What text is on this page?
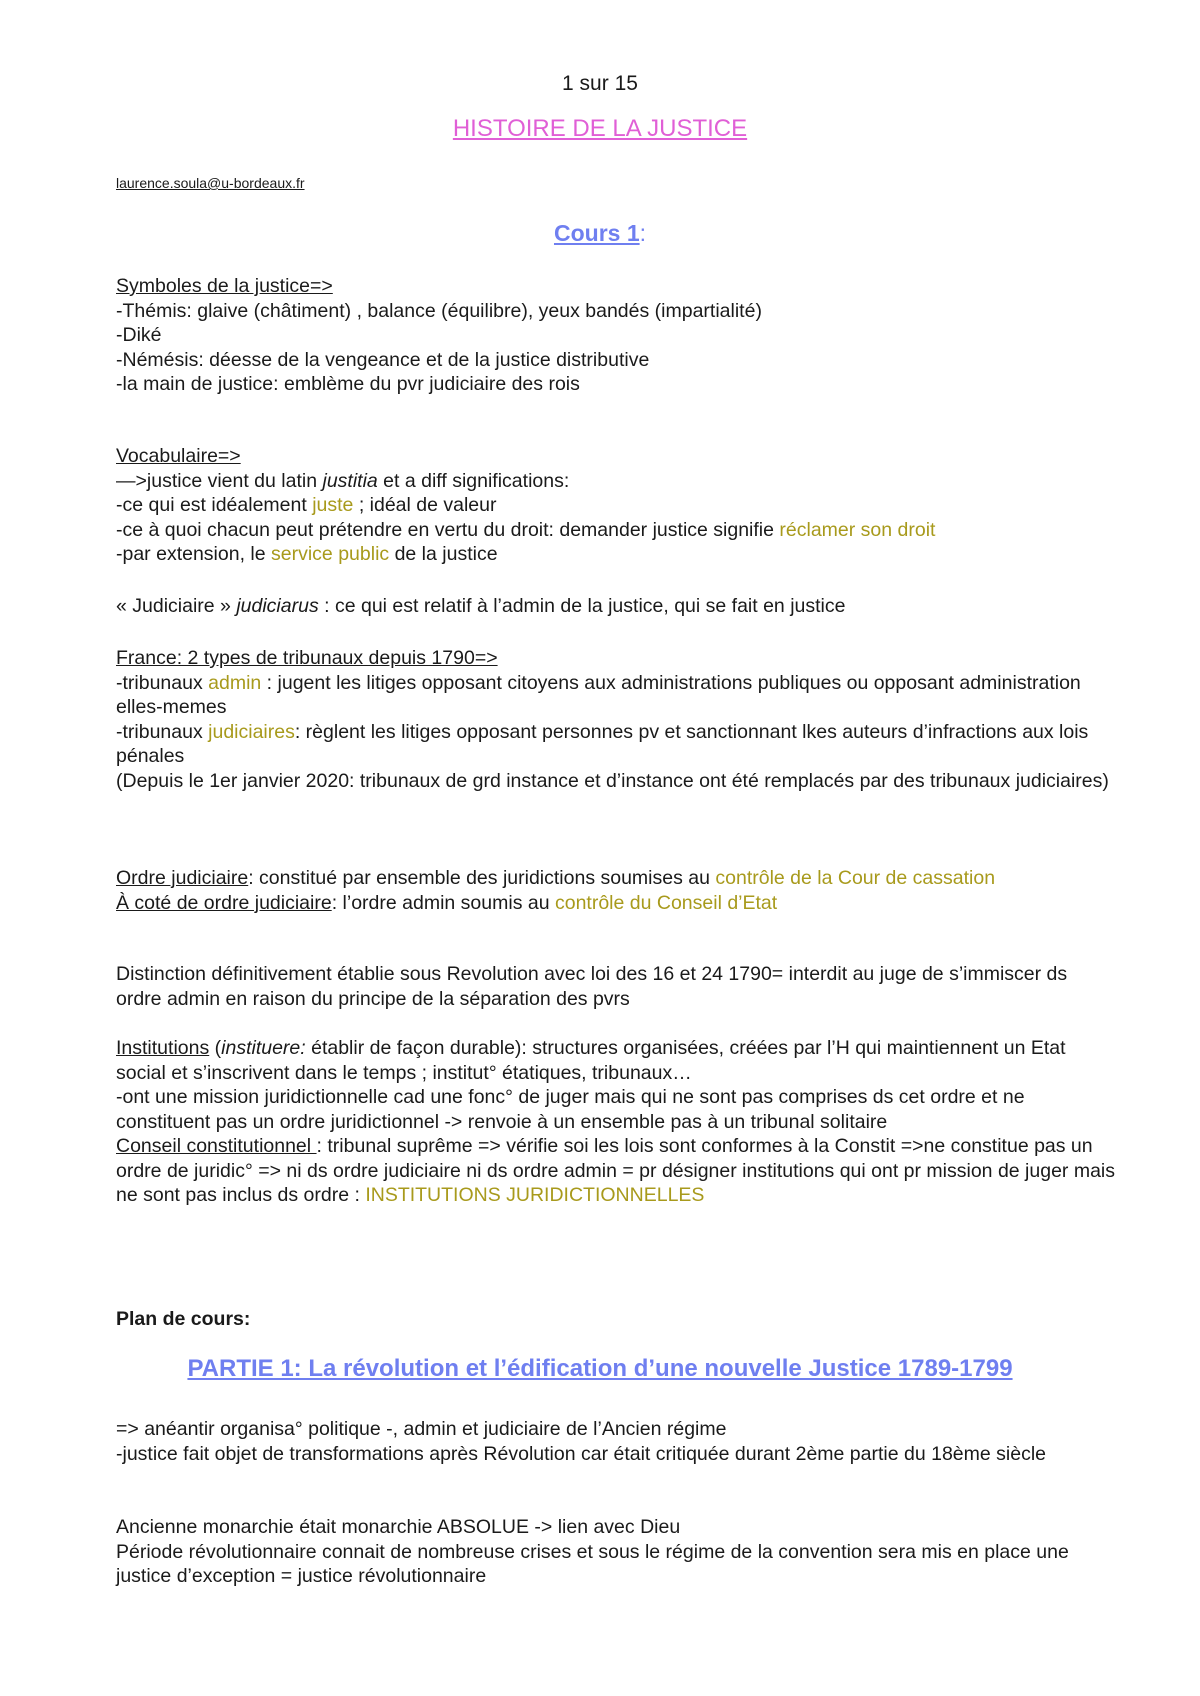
1 sur 15
HISTOIRE DE LA JUSTICE
laurence.soula@u-bordeaux.fr
Cours 1:

Symboles de la justice=>

-Thémis: glaive (châtiment) , balance (équilibre), yeux bandés (impartialité)

-Diké

-Némésis: déesse de la vengeance et de la justice distributive

-la main de justice: emblème du pvr judiciaire des rois

Vocabulaire=>

—>justice vient du latin justitia et a diff significations:

-ce qui est idéalement juste ; idéal de valeur

-ce à quoi chacun peut prétendre en vertu du droit: demander justice signifie réclamer son droit

-par extension, le service public de la justice

« Judiciaire » judiciarus : ce qui est relatif à l’admin de la justice, qui se fait en justice

France: 2 types de tribunaux depuis 1790=>

-tribunaux admin : jugent les litiges opposant citoyens aux administrations publiques ou opposant administration elles-memes

-tribunaux judiciaires: règlent les litiges opposant personnes pv et sanctionnant lkes auteurs d’infractions aux lois pénales

(Depuis le 1er janvier 2020: tribunaux de grd instance et d’instance ont été remplacés par des tribunaux judiciaires)

Ordre judiciaire: constitué par ensemble des juridictions soumises au contrôle de la Cour de cassation

À coté de ordre judiciaire: l’ordre admin soumis au contrôle du Conseil d’Etat

Distinction définitivement établie sous Revolution avec loi des 16 et 24 1790= interdit au juge de s’immiscer ds ordre admin en raison du principe de la séparation des pvrs

Institutions (instituere: établir de façon durable): structures organisées, créées par l’H qui maintiennent un Etat social et s’inscrivent dans le temps ; institut° étatiques, tribunaux…

-ont une mission juridictionnelle cad une fonc° de juger mais qui ne sont pas comprises ds cet ordre et ne constituent pas un ordre juridictionnel -> renvoie à un ensemble pas à un tribunal solitaire

Conseil constitutionnel : tribunal suprême => vérifie soi les lois sont conformes à la Constit =>ne constitue pas un ordre de juridic° => ni ds ordre judiciaire ni ds ordre admin = pr désigner institutions qui ont pr mission de juger mais ne sont pas inclus ds ordre : INSTITUTIONS JURIDICTIONNELLES

Plan de cours:
PARTIE 1: La révolution et l’édification d’une nouvelle Justice 1789-1799

=> anéantir organisa° politique -, admin et judiciaire de l’Ancien régime

-justice fait objet de transformations après Révolution car était critiquée durant 2ème partie du 18ème siècle

Ancienne monarchie était monarchie ABSOLUE -> lien avec Dieu

Période révolutionnaire connait de nombreuse crises et sous le régime de la convention sera mis en place une justice d’exception = justice révolutionnaire
